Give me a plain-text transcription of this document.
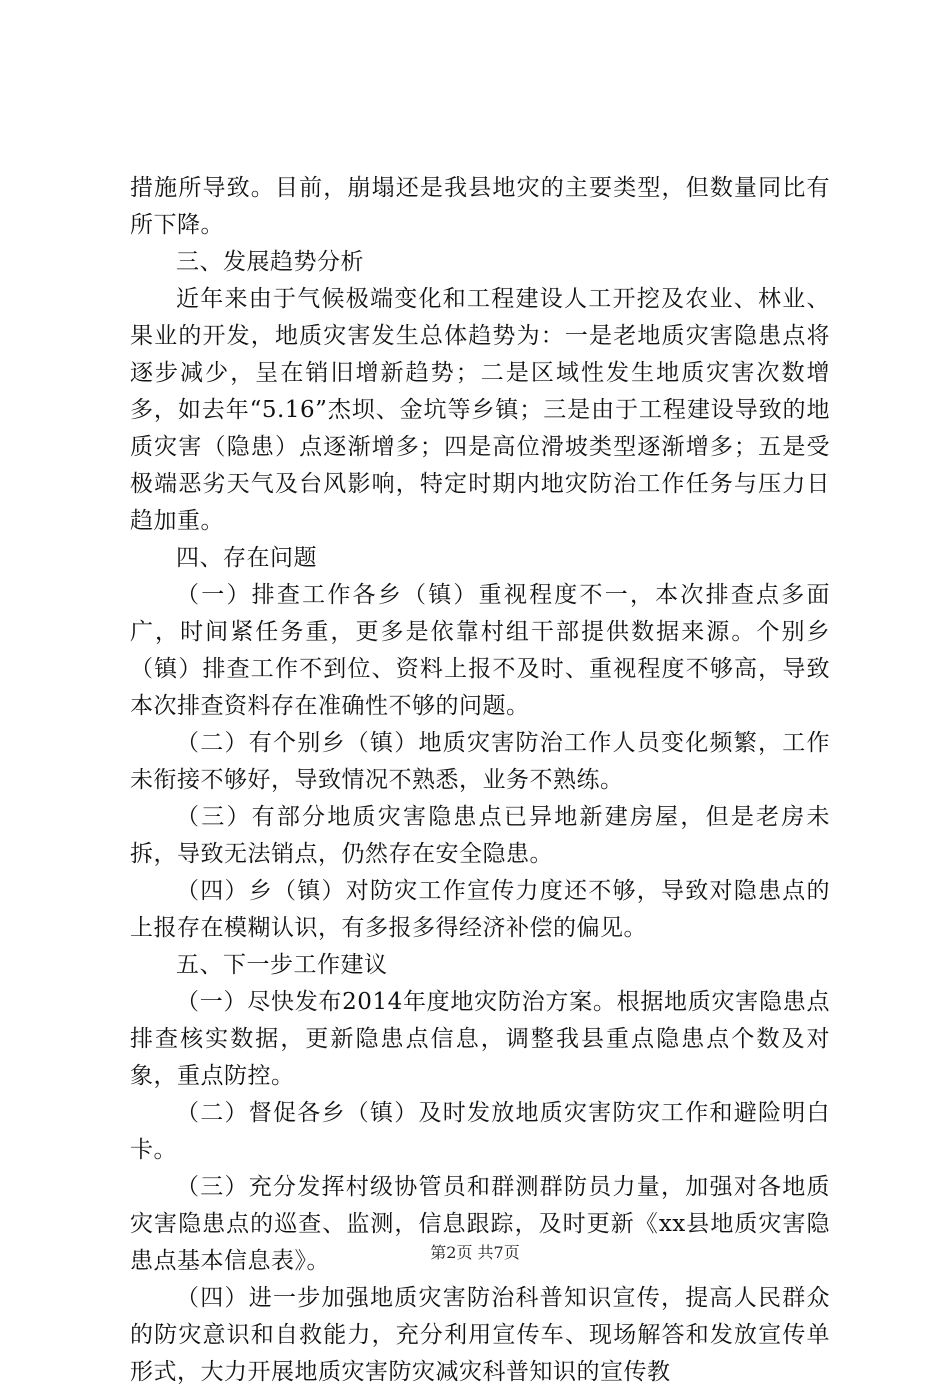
措施所导致。目前，崩塌还是我县地灾的主要类型，但数量同比有所下降。

三、发展趋势分析

近年来由于气候极端变化和工程建设人工开挖及农业、林业、果业的开发，地质灾害发生总体趋势为：一是老地质灾害隐患点将逐步减少，呈在销旧增新趋势；二是区域性发生地质灾害次数增多，如去年“5.16”杰坝、金坑等乡镇；三是由于工程建设导致的地质灾害（隐患）点逐渐增多；四是高位滑坡类型逐渐增多；五是受极端恶劣天气及台风影响，特定时期内地灾防治工作任务与压力日趋加重。

四、存在问题

（一）排查工作各乡（镇）重视程度不一，本次排查点多面广，时间紧任务重，更多是依靠村组干部提供数据来源。个别乡（镇）排查工作不到位、资料上报不及时、重视程度不够高，导致本次排查资料存在准确性不够的问题。

（二）有个别乡（镇）地质灾害防治工作人员变化频繁，工作未衔接不够好，导致情况不熟悉，业务不熟练。

（三）有部分地质灾害隐患点已异地新建房屋，但是老房未拆，导致无法销点，仍然存在安全隐患。

（四）乡（镇）对防灾工作宣传力度还不够，导致对隐患点的上报存在模糊认识，有多报多得经济补偿的偏见。

五、下一步工作建议

（一）尽快发布2014年度地灾防治方案。根据地质灾害隐患点排查核实数据，更新隐患点信息，调整我县重点隐患点个数及对象，重点防控。

（二）督促各乡（镇）及时发放地质灾害防灾工作和避险明白卡。

（三）充分发挥村级协管员和群测群防员力量，加强对各地质灾害隐患点的巡查、监测，信息跟踪，及时更新《xx县地质灾害隐患点基本信息表》。

（四）进一步加强地质灾害防治科普知识宣传，提高人民群众的防灾意识和自救能力，充分利用宣传车、现场解答和发放宣传单形式，大力开展地质灾害防灾减灾科普知识的宣传教

第2页 共7页
